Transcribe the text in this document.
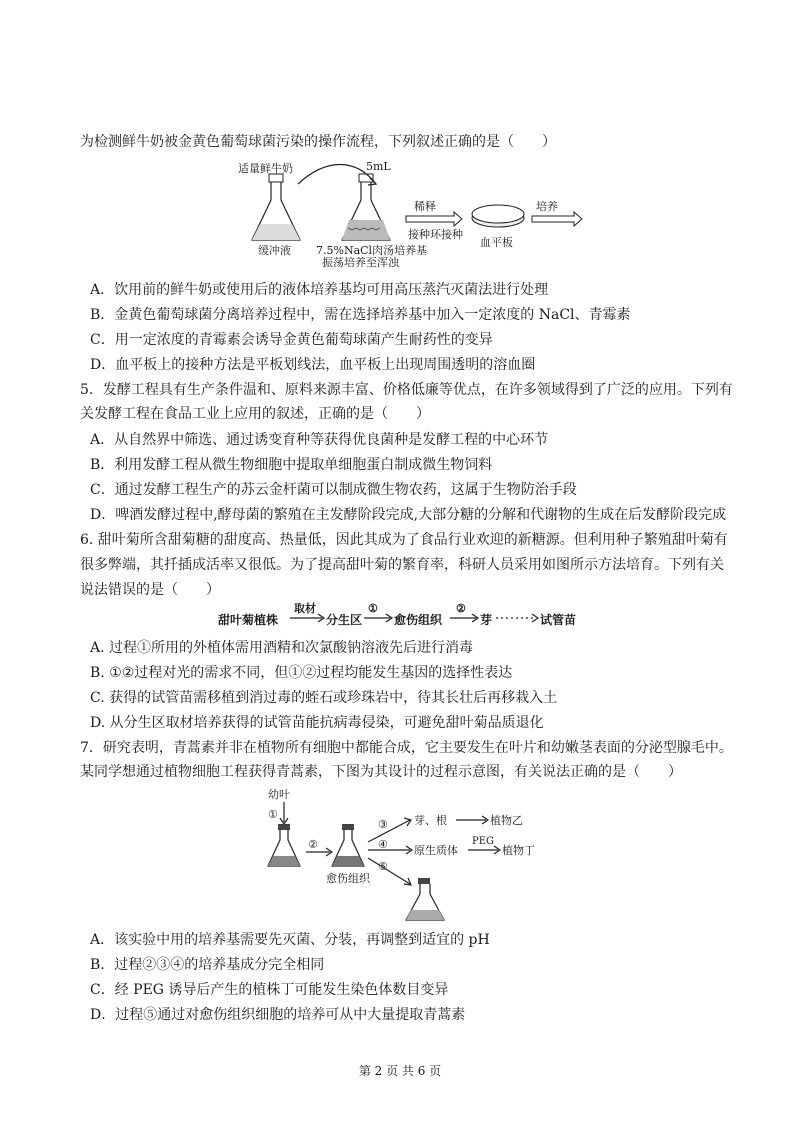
为检测鲜牛奶被金黄色葡萄球菌污染的操作流程，下列叙述正确的是（　　）
适量鲜牛奶	5mL
缓冲液 7.5%NaCl肉汤培养基
振荡培养至浑浊
稀释
接种环接种
血平板
培养
A．饮用前的鲜牛奶或使用后的液体培养基均可用高压蒸汽灭菌法进行处理
B．金黄色葡萄球菌分离培养过程中，需在选择培养基中加入一定浓度的 NaCl、青霉素
C．用一定浓度的青霉素会诱导金黄色葡萄球菌产生耐药性的变异
D．血平板上的接种方法是平板划线法，血平板上出现周围透明的溶血圈
5．发酵工程具有生产条件温和、原料来源丰富、价格低廉等优点，在许多领域得到了广泛的应用。下列有
关发酵工程在食品工业上应用的叙述，正确的是（　　）
A．从自然界中筛选、通过诱变育种等获得优良菌种是发酵工程的中心环节
B．利用发酵工程从微生物细胞中提取单细胞蛋白制成微生物饲料
C．通过发酵工程生产的苏云金杆菌可以制成微生物农药，这属于生物防治手段
D．啤酒发酵过程中,酵母菌的繁殖在主发酵阶段完成,大部分糖的分解和代谢物的生成在后发酵阶段完成
6. 甜叶菊所含甜菊糖的甜度高、热量低，因此其成为了食品行业欢迎的新糖源。但利用种子繁殖甜叶菊有
很多弊端，其扦插成活率又很低。为了提高甜叶菊的繁育率，科研人员采用如图所示方法培育。下列有关
说法错误的是（　　）
甜叶菊植株
取材
分生区
①
愈伤组织
②
芽	试管苗
A. 过程①所用的外植体需用酒精和次氯酸钠溶液先后进行消毒
B. ①②过程对光的需求不同，但①②过程均能发生基因的选择性表达
C. 获得的试管苗需移植到消过毒的蛭石或珍珠岩中，待其长壮后再移栽入土
D. 从分生区取材培养获得的试管苗能抗病毒侵染，可避免甜叶菊品质退化
7．研究表明，青蒿素并非在植物所有细胞中都能合成，它主要发生在叶片和幼嫩茎表面的分泌型腺毛中。
某同学想通过植物细胞工程获得青蒿素，下图为其设计的过程示意图，有关说法正确的是（　　）
幼叶
①
②
愈伤组织
③
④
⑤
芽、根	植物乙
原生质体
PEG
植物丁
A．该实验中用的培养基需要先灭菌、分装，再调整到适宜的 pH
B．过程②③④的培养基成分完全相同
C．经 PEG 诱导后产生的植株丁可能发生染色体数目变异
D．过程⑤通过对愈伤组织细胞的培养可从中大量提取青蒿素
第 2 页 共 6 页
